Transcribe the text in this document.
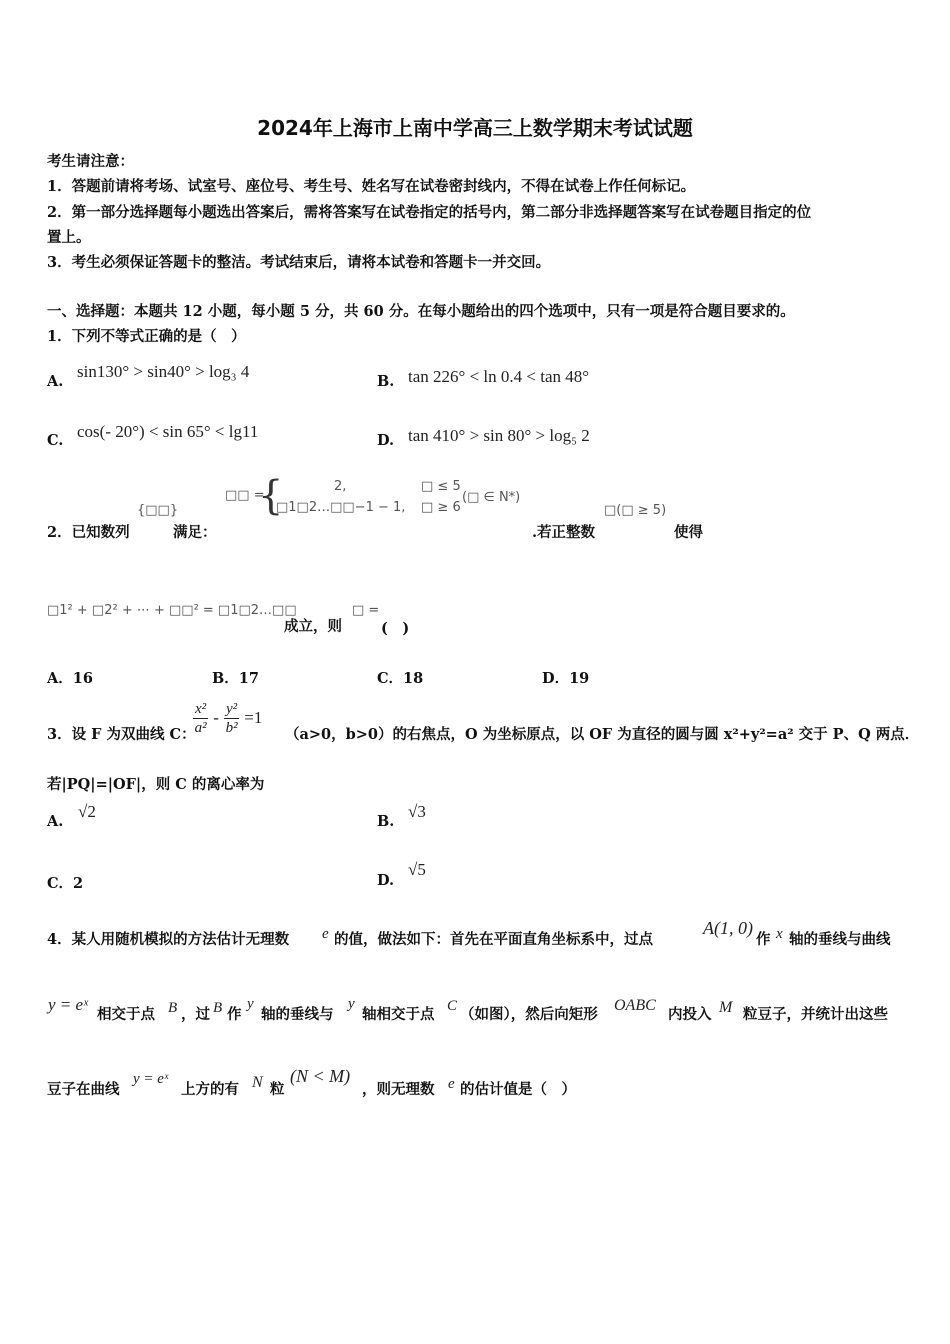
2024年上海市上南中学高三上数学期末考试试题
考生请注意：
1．答题前请将考场、试室号、座位号、考生号、姓名写在试卷密封线内，不得在试卷上作任何标记。
2．第一部分选择题每小题选出答案后，需将答案写在试卷指定的括号内，第二部分非选择题答案写在试卷题目指定的位
置上。
3．考生必须保证答题卡的整洁。考试结束后，请将本试卷和答题卡一并交回。
一、选择题：本题共 12 小题，每小题 5 分，共 60 分。在每小题给出的四个选项中，只有一项是符合题目要求的。
1．下列不等式正确的是（　）
A.
sin130° > sin40° > log₃ 4
B. tan 226° < ln 0.4 < tan 48°
C. cos(- 20°) < sin 65° < lg11	D. tan 410° > sin 80° > log₅ 2
{□□}
□□ =
{	2,
□1□2…□□−1 − 1,
□ ≤ 5
□ ≥ 6
(□ ∈ N*)
□(□ ≥ 5)
2．已知数列	满足：	.若正整数	使得
□1² + □2² + ⋯ + □□² = □1□2…□□
成立，则
□ =
(　)
A．16	B．17	C．18	D．19
3．设 F 为双曲线 C：
$\frac{\text{x²}}{\text{a²}} - \frac{\text{y²}}{\text{b²}} =1$
（a>0，b>0）的右焦点，O 为坐标原点，以 OF 为直径的圆与圆 x²+y²=a² 交于 P、Q 两点．
若|PQ|=|OF|，则 C 的离心率为
A.
√2
B.
√3
C．2	D.
√5
4．某人用随机模拟的方法估计无理数 e 的值，做法如下：首先在平面直角坐标系中，过点
A(1, 0)
作 x 轴的垂线与曲线
y = eˣ
相交于点 B ，过 B 作
y
轴的垂线与
y
轴相交于点 C （如图），然后向矩形
OABC
内投入 M 粒豆子，并统计出这些
豆子在曲线
y = eˣ
上方的有 N 粒
(N < M)
，则无理数 e 的估计值是（　）
